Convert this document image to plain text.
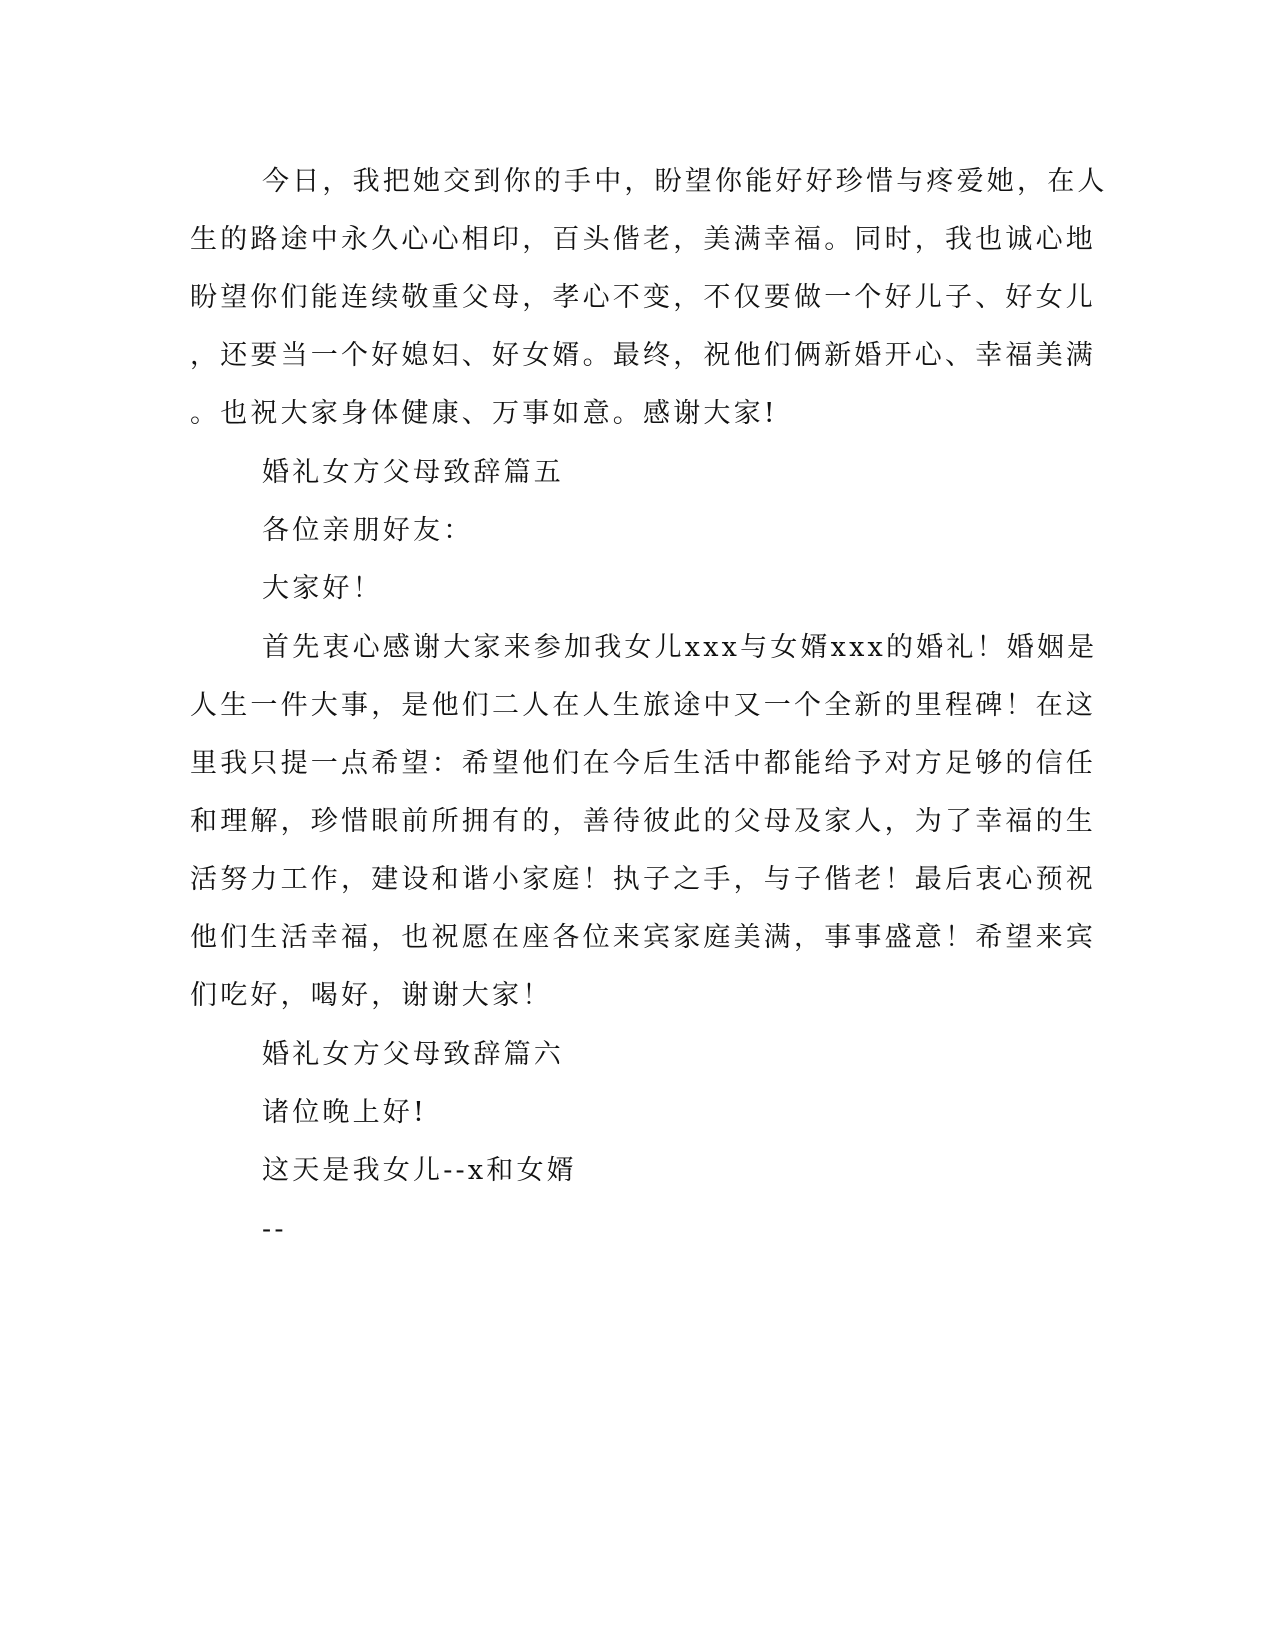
今日，我把她交到你的手中，盼望你能好好珍惜与疼爱她，在人
生的路途中永久心心相印，百头偕老，美满幸福。同时，我也诚心地
盼望你们能连续敬重父母，孝心不变，不仅要做一个好儿子、好女儿
，还要当一个好媳妇、好女婿。最终，祝他们俩新婚开心、幸福美满
。也祝大家身体健康、万事如意。感谢大家!
婚礼女方父母致辞篇五
各位亲朋好友：
大家好！
首先衷心感谢大家来参加我女儿xxx与女婿xxx的婚礼！婚姻是
人生一件大事，是他们二人在人生旅途中又一个全新的里程碑！在这
里我只提一点希望：希望他们在今后生活中都能给予对方足够的信任
和理解，珍惜眼前所拥有的，善待彼此的父母及家人，为了幸福的生
活努力工作，建设和谐小家庭！执子之手，与子偕老！最后衷心预祝
他们生活幸福，也祝愿在座各位来宾家庭美满，事事盛意！希望来宾
们吃好，喝好，谢谢大家！
婚礼女方父母致辞篇六
诸位晚上好!
这天是我女儿--x和女婿
--
